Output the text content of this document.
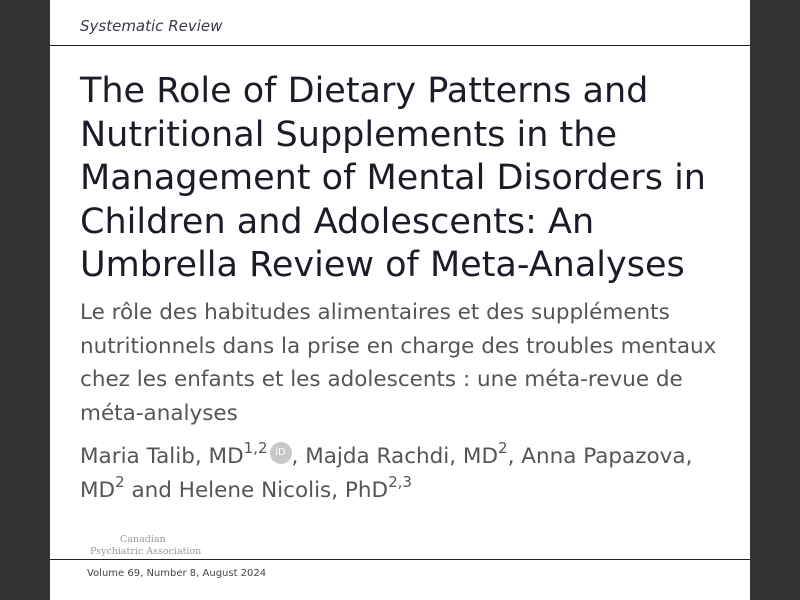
Systematic Review
The Role of Dietary Patterns and Nutritional Supplements in the Management of Mental Disorders in Children and Adolescents: An Umbrella Review of Meta-Analyses
Le rôle des habitudes alimentaires et des suppléments nutritionnels dans la prise en charge des troubles mentaux chez les enfants et les adolescents : une méta-revue de méta-analyses

Maria Talib, MD$^{1,2}$ iD , Majda Rachdi, $MD^2$, Anna Papazova, $MD^2$ and Helene Nicolis, PhD$^{2,3}$

Canadian
Psychiatric Association
Volume 69, Number 8, August 2024
